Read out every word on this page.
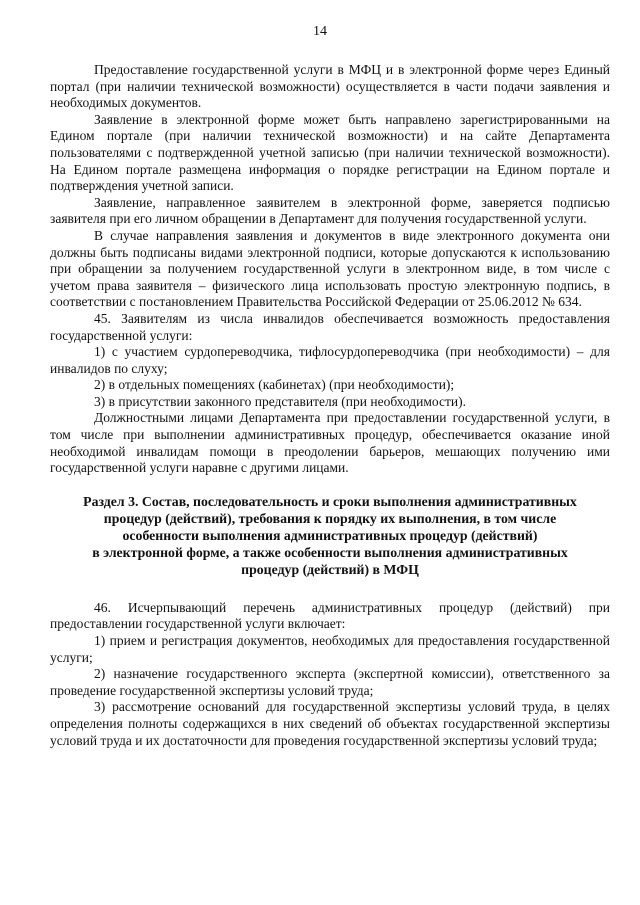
14

Предоставление государственной услуги в МФЦ и в электронной форме через Единый портал (при наличии технической возможности) осуществляется в части подачи заявления и необходимых документов.

Заявление в электронной форме может быть направлено зарегистрированными на Едином портале (при наличии технической возможности) и на сайте Департамента пользователями с подтвержденной учетной записью (при наличии технической возможности). На Едином портале размещена информация о порядке регистрации на Едином портале и подтверждения учетной записи.

Заявление, направленное заявителем в электронной форме, заверяется подписью заявителя при его личном обращении в Департамент для получения государственной услуги.

В случае направления заявления и документов в виде электронного документа они должны быть подписаны видами электронной подписи, которые допускаются к использованию при обращении за получением государственной услуги в электронном виде, в том числе с учетом права заявителя – физического лица использовать простую электронную подпись, в соответствии с постановлением Правительства Российской Федерации от 25.06.2012 № 634.

45. Заявителям из числа инвалидов обеспечивается возможность предоставления государственной услуги:

1) с участием сурдопереводчика, тифлосурдопереводчика (при необходимости) – для инвалидов по слуху;

2) в отдельных помещениях (кабинетах) (при необходимости);

3) в присутствии законного представителя (при необходимости).

Должностными лицами Департамента при предоставлении государственной услуги, в том числе при выполнении административных процедур, обеспечивается оказание иной необходимой инвалидам помощи в преодолении барьеров, мешающих получению ими государственной услуги наравне с другими лицами.

Раздел 3. Состав, последовательность и сроки выполнения административных
процедур (действий), требования к порядку их выполнения, в том числе
особенности выполнения административных процедур (действий)
в электронной форме, а также особенности выполнения административных
процедур (действий) в МФЦ

46. Исчерпывающий перечень административных процедур (действий) при предоставлении государственной услуги включает:

1) прием и регистрация документов, необходимых для предоставления государственной услуги;

2) назначение государственного эксперта (экспертной комиссии), ответственного за проведение государственной экспертизы условий труда;

3) рассмотрение оснований для государственной экспертизы условий труда, в целях определения полноты содержащихся в них сведений об объектах государственной экспертизы условий труда и их достаточности для проведения государственной экспертизы условий труда;
